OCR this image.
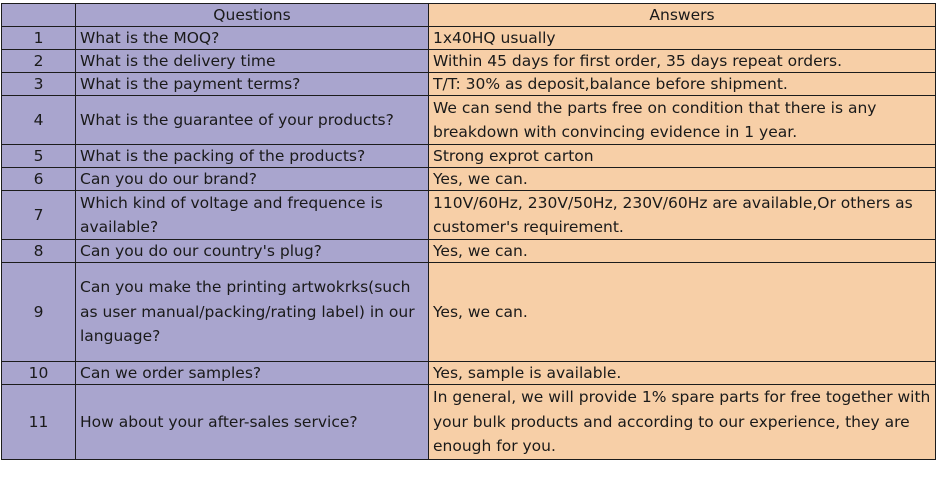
	Questions	Answers
1	What is the MOQ?	1x40HQ usually
2	What is the delivery time	Within 45 days for first order, 35 days repeat orders.
3	What is the payment terms?	T/T: 30% as deposit,balance before shipment.
4	What is the guarantee of your products?	We can send the parts free on condition that there is any breakdown with convincing evidence in 1 year.
5	What is the packing of the products?	Strong exprot carton
6	Can you do our brand?	Yes, we can.
7	Which kind of voltage and frequence is available?	110V/60Hz, 230V/50Hz, 230V/60Hz are available,Or others as customer's requirement.
8	Can you do our country's plug?	Yes, we can.
9	Can you make the printing artwokrks(such as user manual/packing/rating label) in our language?	Yes, we can.
10	Can we order samples?	Yes, sample is available.
11	How about your after-sales service?	In general, we will provide 1% spare parts for free together with your bulk products and according to our experience, they are enough for you.
